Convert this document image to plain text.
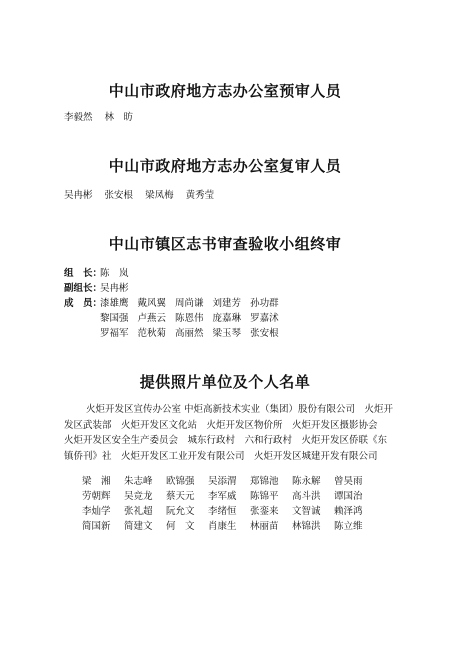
中山市政府地方志办公室预审人员
李毅然 林　昉
中山市政府地方志办公室复审人员
吴冉彬 张安根 梁凤梅 黄秀莹
中山市镇区志书审查验收小组终审
组　长：陈　岚
副组长：吴冉彬
成　员：漆雄鹰 戴风翼 周尚谦 刘建芳 孙功群
黎国强 卢燕云 陈恩伟 庞嘉琳 罗嘉沭
罗福军 范秋菊 高丽然 梁玉琴 张安根
提供照片单位及个人名单
火炬开发区宣传办公室 中炬高新技术实业（集团）股份有限公司　火炬开发区武装部　火炬开发区文化站　火炬开发区物价所　火炬开发区摄影协会　火炬开发区安全生产委员会　城东行政村　六和行政村　火炬开发区侨联《东镇侨刊》社　火炬开发区工业开发有限公司　火炬开发区城建开发有限公司
梁　湘 朱志峰 欧锦强 吴添渭 郑锦池 陈永解 曾昊雨劳朝辉 吴竞龙 蔡天元 李军威 陈锦平 高斗洪 谭国治李灿学 张礼超 阮允文 李绪恒 张銮来 文智诚 赖泽鸿简国新 简建文 何　文 肖康生 林丽苗 林锦洪 陈立维
